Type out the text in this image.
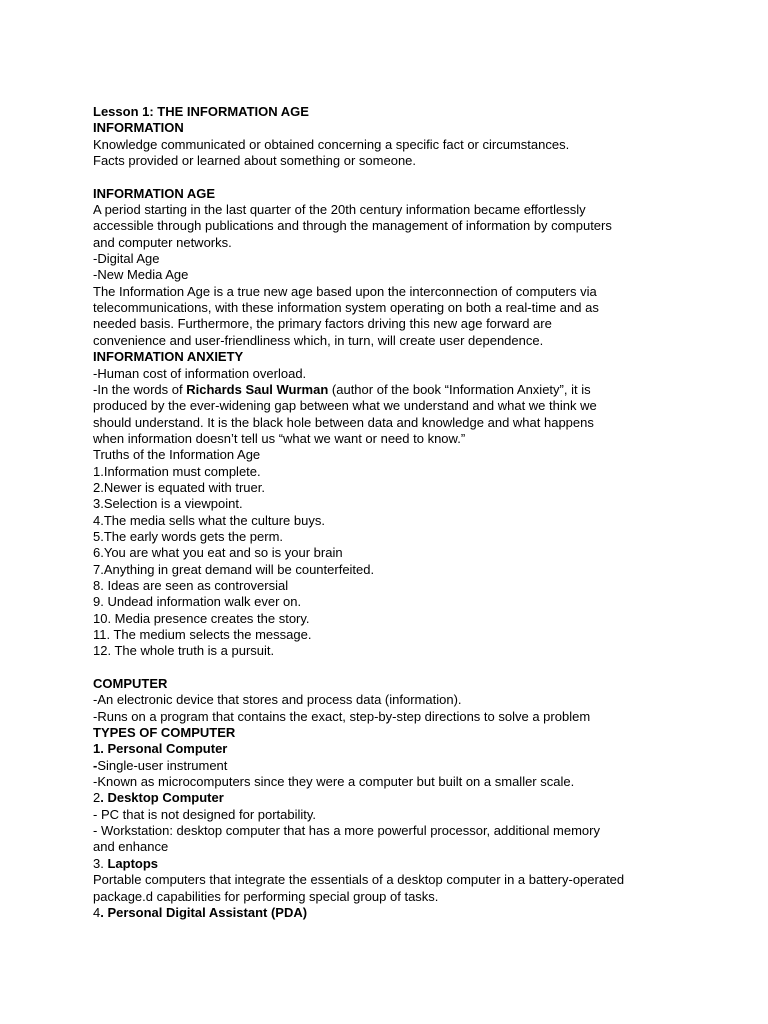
Lesson 1: THE INFORMATION AGE
INFORMATION
Knowledge communicated or obtained concerning a specific fact or circumstances.
Facts provided or learned about something or someone.
INFORMATION AGE
A period starting in the last quarter of the 20th century information became effortlessly
accessible through publications and through the management of information by computers
and computer networks.
-Digital Age
-New Media Age
The Information Age is a true new age based upon the interconnection of computers via
telecommunications, with these information system operating on both a real-time and as
needed basis. Furthermore, the primary factors driving this new age forward are
convenience and user-friendliness which, in turn, will create user dependence.
INFORMATION ANXIETY
-Human cost of information overload.
-In the words of Richards Saul Wurman (author of the book “Information Anxiety”, it is
produced by the ever-widening gap between what we understand and what we think we
should understand. It is the black hole between data and knowledge and what happens
when information doesn’t tell us “what we want or need to know.”
Truths of the Information Age
1.Information must complete.
2.Newer is equated with truer.
3.Selection is a viewpoint.
4.The media sells what the culture buys.
5.The early words gets the perm.
6.You are what you eat and so is your brain
7.Anything in great demand will be counterfeited.
8. Ideas are seen as controversial
9. Undead information walk ever on.
10. Media presence creates the story.
11. The medium selects the message.
12. The whole truth is a pursuit.
COMPUTER
-An electronic device that stores and process data (information).
-Runs on a program that contains the exact, step-by-step directions to solve a problem
TYPES OF COMPUTER
1. Personal Computer
-Single-user instrument
-Known as microcomputers since they were a computer but built on a smaller scale.
2. Desktop Computer
- PC that is not designed for portability.
- Workstation: desktop computer that has a more powerful processor, additional memory
and enhance
3. Laptops
Portable computers that integrate the essentials of a desktop computer in a battery-operated
package.d capabilities for performing special group of tasks.
4. Personal Digital Assistant (PDA)
